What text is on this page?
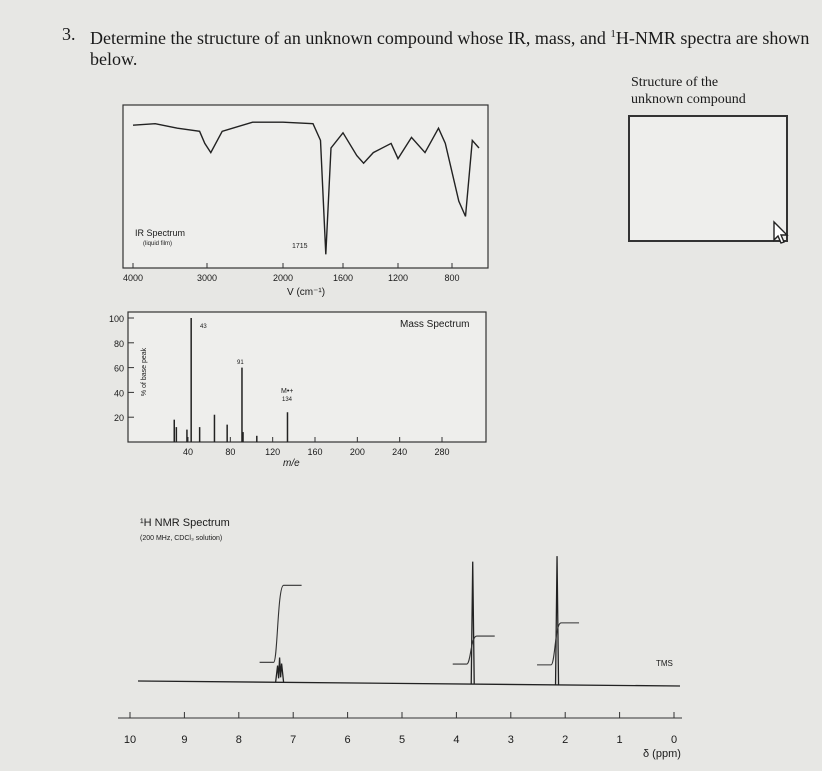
3. Determine the structure of an unknown compound whose IR, mass, and $^1$H-NMR spectra are shown below.
Structure of the
unknown compound
IR Spectrum
(liquid film)	1715
4000	3000	2000	1600	1200	800
V (cm⁻¹)
Mass Spectrum
% of base peak
100
80
60
40
20
40	80	120	160	200	240	280
43
91
M•+
134
m/e
¹H NMR Spectrum
(200 MHz, CDCl₃ solution)
TMS
10	9	8	7	6	5	4	3	2	1	0
δ (ppm)
